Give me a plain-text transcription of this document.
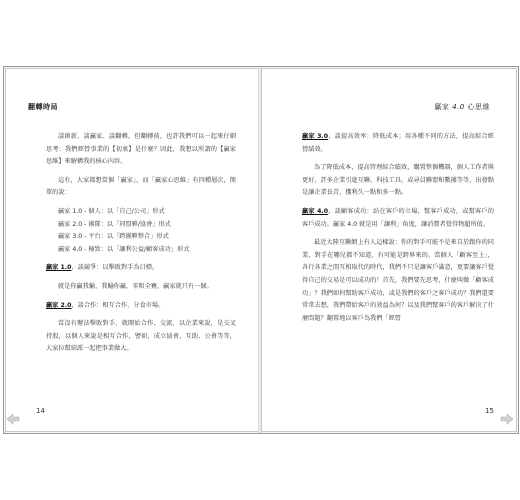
翻轉時局

談創新、談贏家、談翻轉，但翻轉前，也許我們可以一起來仔細思考：我們經營事業的【初衷】是什麼？因此，我想以所謂的【贏家思維】來解構我的核心內容。

這有，大家都想當個「贏家」，而「贏家心思維」有四種層次，簡單的說：

贏家 1.0 - 個人：以「自己/公司」形式

贏家 2.0 - 團隊：以「同盟夥/協會」形式

贏家 3.0 - 平台：以「跨團夥整合」形式

贏家 4.0 - 極致：以「讓利公益/顧客成功」形式

贏家 1.0，談競爭：以擊敗對手為目標。

就是你贏我輸、我輸你贏，零和全賽，贏家就只有一個。

贏家 2.0，談合作：相互合作、分食市場。

當沒有辦法擊敗對手，就開始合作、交流，以企業來說，是交叉持股，以個人來說是相互合作，譬如，成立協會、互助、公會等等，大家拉幫結派一起把事業做大。

14
贏家 4.0 心思維

贏家 3.0，談提高效率：降低成本；用各種不同的方法，提高綜合經營績效。

為了降低成本，提高管理綜合績效，購置整個機器，個人工作者與更好，許多企業引進互聯、科技工具，或尋員聯盟和數據等等，出發點是讓企業長青，獲利久一點和多一點。

贏家 4.0，談顧客成功：站在客戶的立場，幫客戶成功，或幫客戶的客戶成功。贏家 4.0 就是用「讓利」角度，讓消費者覺得物超所值。

最近大陸互聯網上有人這樣說：你的對手可能不是來自於跟你的同業，對手在哪兒都不知道，有可能是跨界來的。當個人「顧客至上」，各行各業之間互相取代的時代，我們不只是讓客戶滿意，更要讓客戶覺得自己的交易是可以成功的！首先，我們要先思考，什麼叫做「顧客成功」？我們如何幫助客戶成功，或是我們的客戶之客戶成功？我們還要常常去想，我們帶給客戶的效益為何？以及我們幫客戶的客戶解決了什麼問題？翻置地以客戶為我們「經營

15
